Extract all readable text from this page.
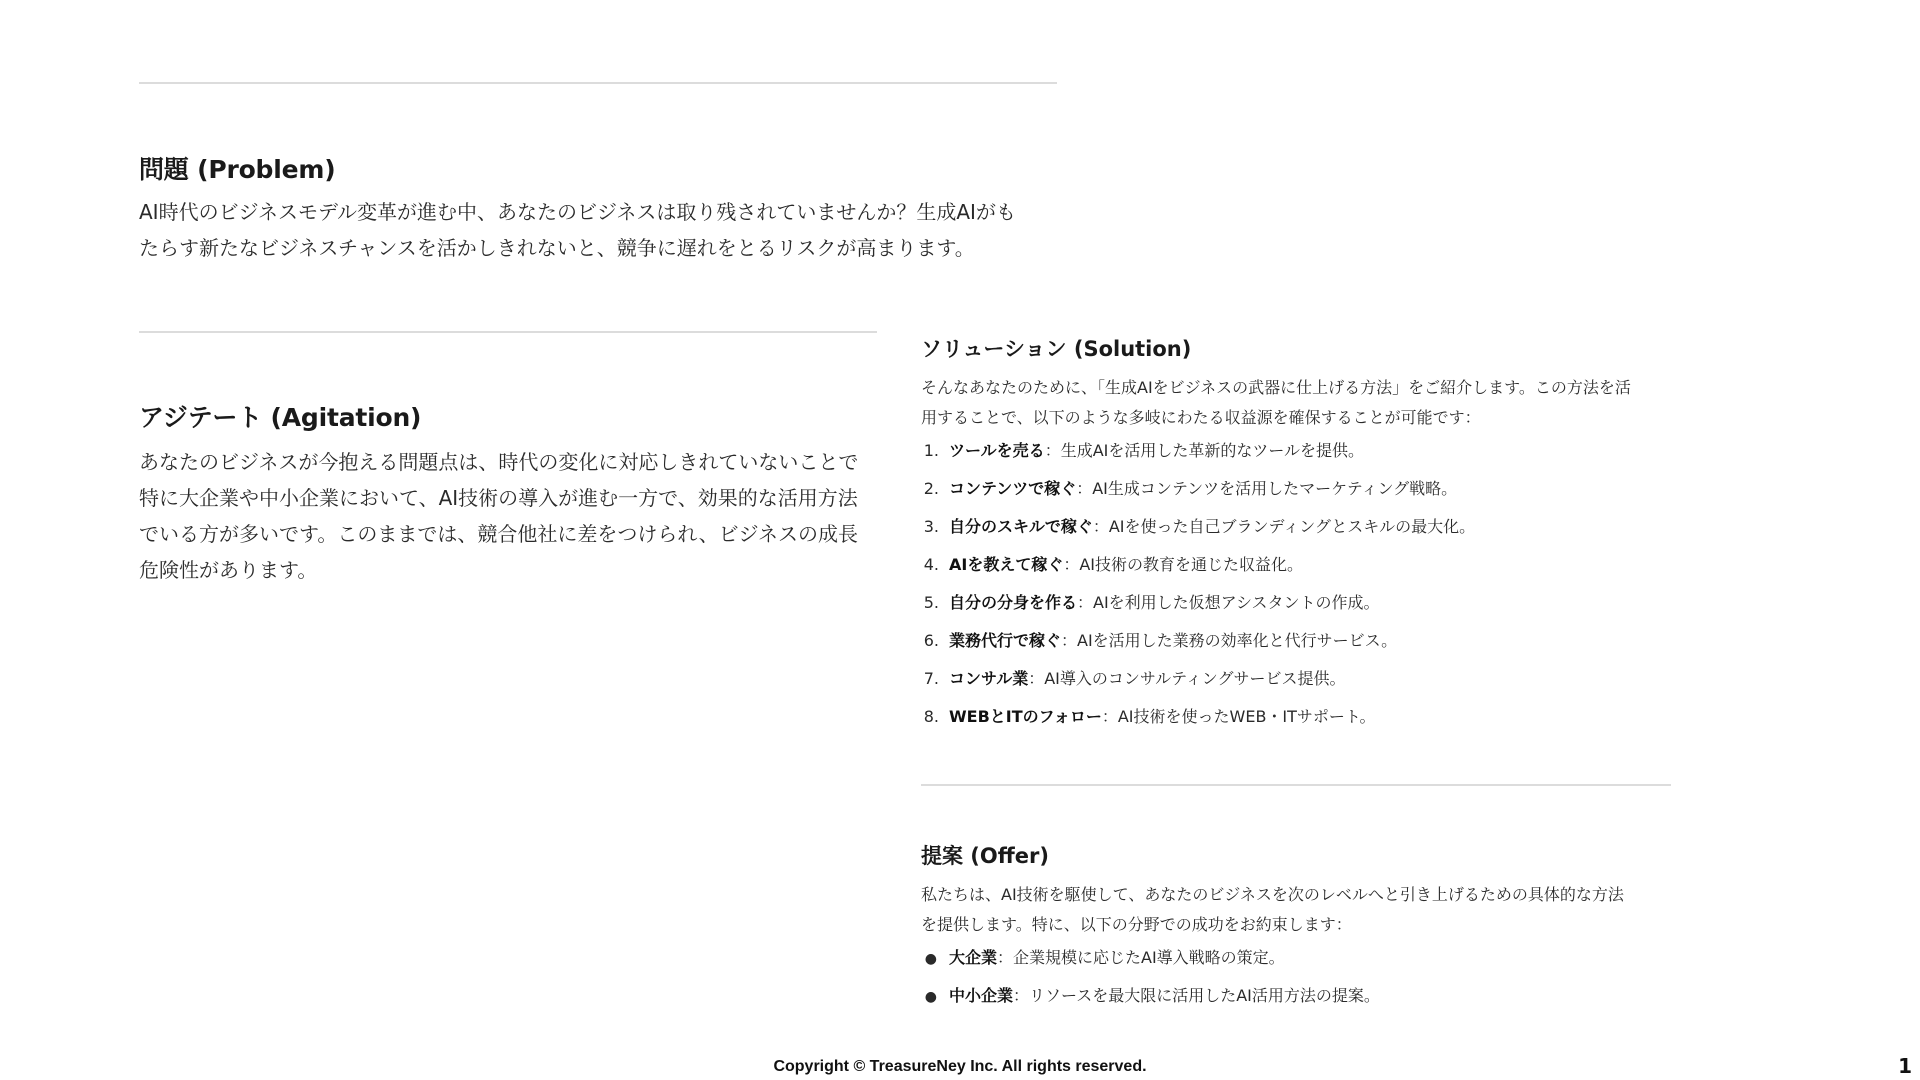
問題 (Problem)
AI時代のビジネスモデル変革が進む中、あなたのビジネスは取り残されていませんか？生成AIがも
たらす新たなビジネスチャンスを活かしきれないと、競争に遅れをとるリスクが高まります。
アジテート (Agitation)
あなたのビジネスが今抱える問題点は、時代の変化に対応しきれていないことで
特に大企業や中小企業において、AI技術の導入が進む一方で、効果的な活用方法
でいる方が多いです。このままでは、競合他社に差をつけられ、ビジネスの成長
危険性があります。
ソリューション (Solution)
そんなあなたのために、「生成AIをビジネスの武器に仕上げる方法」をご紹介します。この方法を活
用することで、以下のような多岐にわたる収益源を確保することが可能です：
1. ツールを売る ：生成AIを活用した革新的なツールを提供。
2. コンテンツで稼ぐ ：AI生成コンテンツを活用したマーケティング戦略。
3. 自分のスキルで稼ぐ ：AIを使った自己ブランディングとスキルの最大化。
4. AIを教えて稼ぐ ：AI技術の教育を通じた収益化。
5. 自分の分身を作る ：AIを利用した仮想アシスタントの作成。
6. 業務代行で稼ぐ ：AIを活用した業務の効率化と代行サービス。
7. コンサル業 ：AI導入のコンサルティングサービス提供。
8. WEBとITのフォロー ：AI技術を使ったWEB・ITサポート。
提案 (Offer)
私たちは、AI技術を駆使して、あなたのビジネスを次のレベルへと引き上げるための具体的な方法
を提供します。特に、以下の分野での成功をお約束します：
● 大企業 ：企業規模に応じたAI導入戦略の策定。
● 中小企業 ：リソースを最大限に活用したAI活用方法の提案。
Copyright © TreasureNey Inc. All rights reserved.	1
